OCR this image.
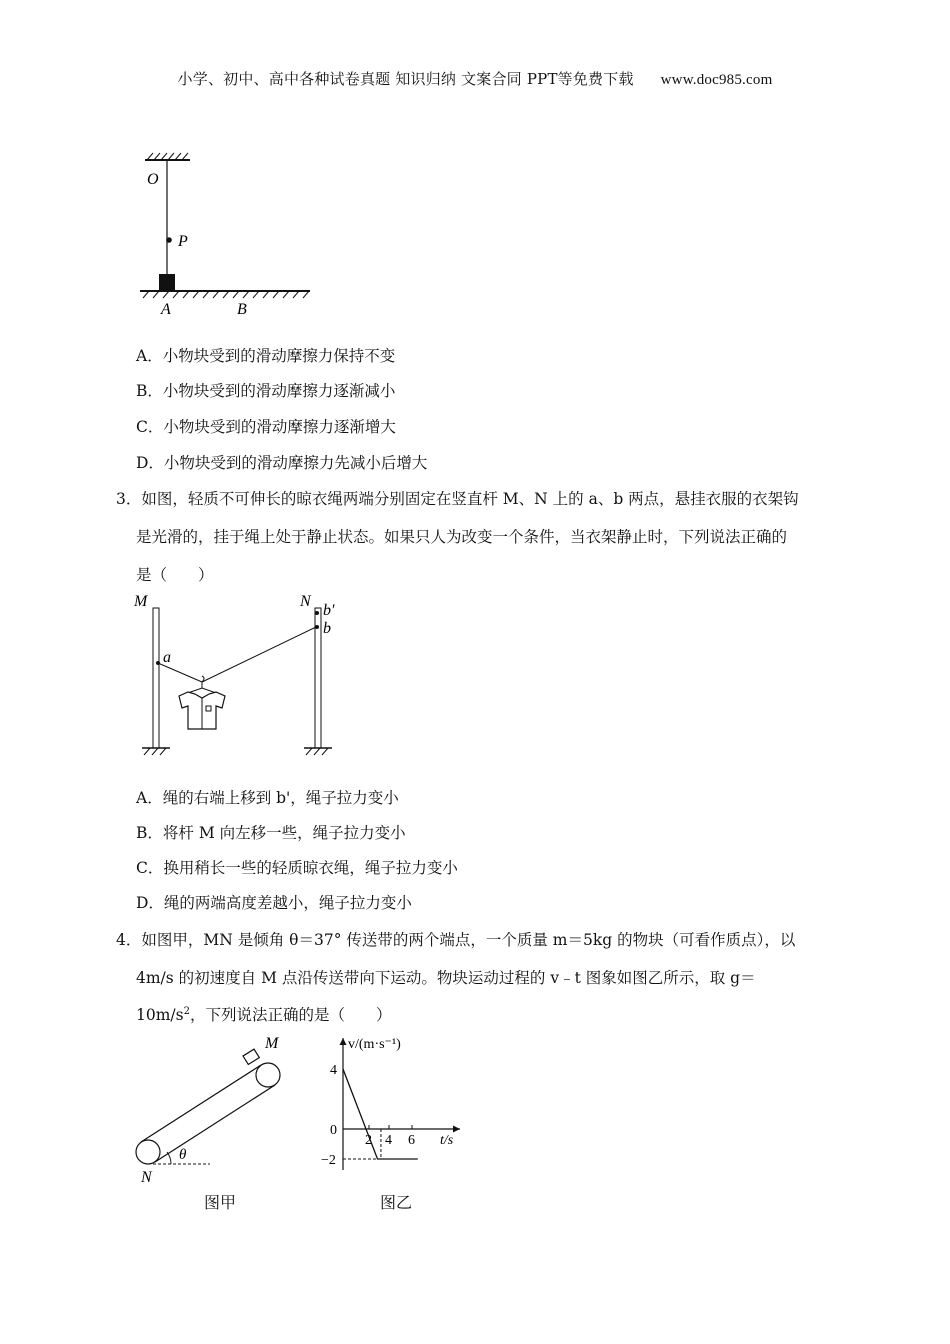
小学、初中、高中各种试卷真题 知识归纳 文案合同 PPT等免费下载 www.doc985.com
O
P
A	B
A．小物块受到的滑动摩擦力保持不变
B．小物块受到的滑动摩擦力逐渐减小
C．小物块受到的滑动摩擦力逐渐增大
D．小物块受到的滑动摩擦力先减小后增大
3．如图，轻质不可伸长的晾衣绳两端分别固定在竖直杆 M、N 上的 a、b 两点，悬挂衣服的衣架钩
是光滑的，挂于绳上处于静止状态。如果只人为改变一个条件，当衣架静止时，下列说法正确的
是（　　）
M	N
b′
b
a
A．绳的右端上移到 b'，绳子拉力变小
B．将杆 M 向左移一些，绳子拉力变小
C．换用稍长一些的轻质晾衣绳，绳子拉力变小
D．绳的两端高度差越小，绳子拉力变小
4．如图甲，MN 是倾角 θ＝37° 传送带的两个端点，一个质量 m＝5kg 的物块（可看作质点），以
4m/s 的初速度自 M 点沿传送带向下运动。物块运动过程的 v﹣t 图象如图乙所示，取 g＝
$10m/s^2$，下列说法正确的是（　　）
θ
M
N
2 4 6
4
0
−2
v/(m·s⁻¹)
t/s
图甲	图乙
